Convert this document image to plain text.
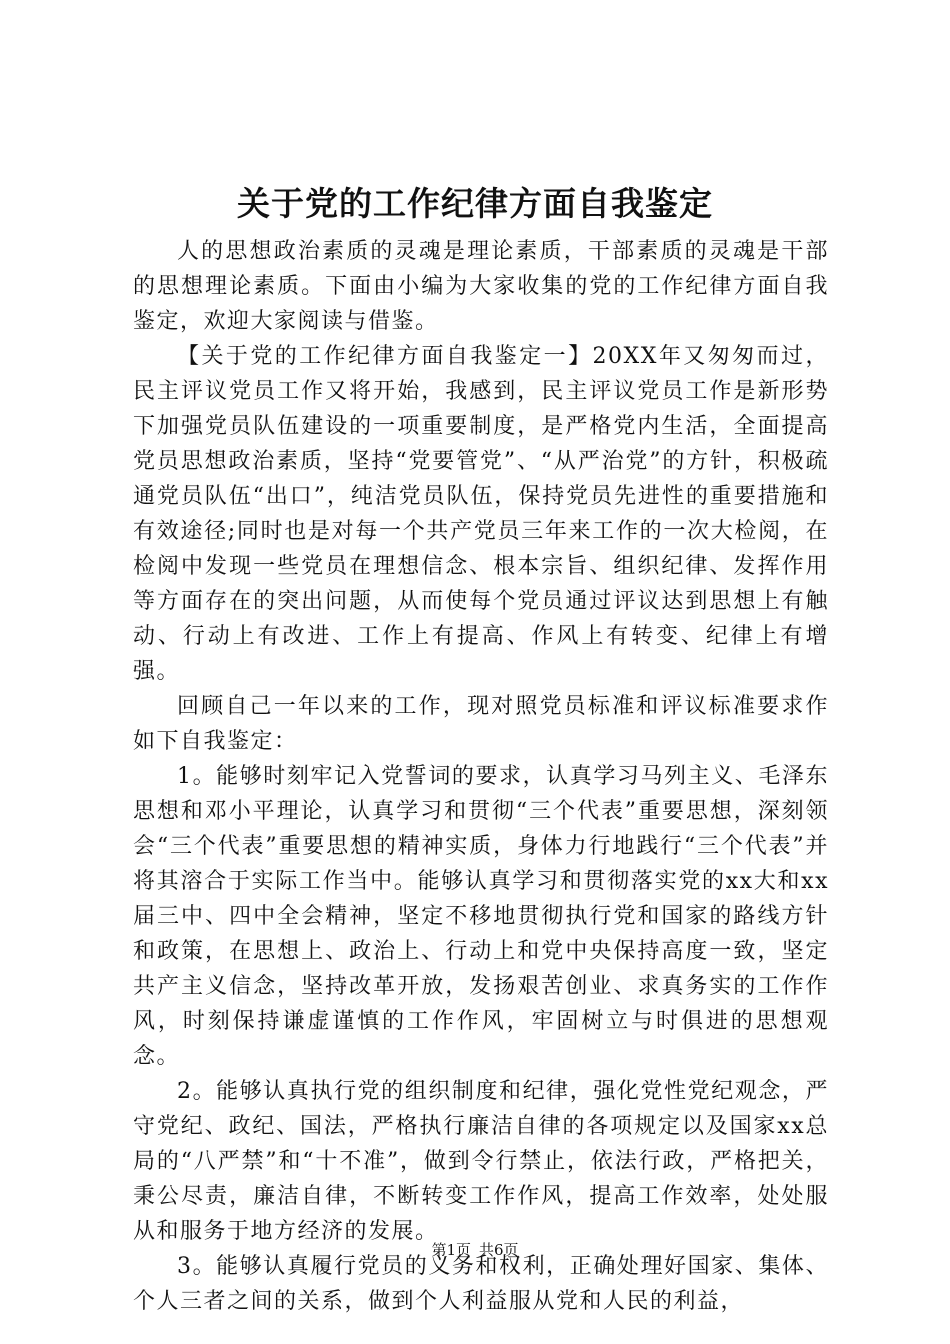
关于党的工作纪律方面自我鉴定

人的思想政治素质的灵魂是理论素质，干部素质的灵魂是干部的思想理论素质。下面由小编为大家收集的党的工作纪律方面自我鉴定，欢迎大家阅读与借鉴。

【关于党的工作纪律方面自我鉴定一】20XX年又匆匆而过，民主评议党员工作又将开始，我感到，民主评议党员工作是新形势下加强党员队伍建设的一项重要制度，是严格党内生活，全面提高党员思想政治素质，坚持“党要管党”、“从严治党”的方针，积极疏通党员队伍“出口”，纯洁党员队伍，保持党员先进性的重要措施和有效途径;同时也是对每一个共产党员三年来工作的一次大检阅，在检阅中发现一些党员在理想信念、根本宗旨、组织纪律、发挥作用等方面存在的突出问题，从而使每个党员通过评议达到思想上有触动、行动上有改进、工作上有提高、作风上有转变、纪律上有增强。

回顾自己一年以来的工作，现对照党员标准和评议标准要求作如下自我鉴定：

1。能够时刻牢记入党誓词的要求，认真学习马列主义、毛泽东思想和邓小平理论，认真学习和贯彻“三个代表”重要思想，深刻领会“三个代表”重要思想的精神实质，身体力行地践行“三个代表”并将其溶合于实际工作当中。能够认真学习和贯彻落实党的xx大和xx届三中、四中全会精神，坚定不移地贯彻执行党和国家的路线方针和政策，在思想上、政治上、行动上和党中央保持高度一致，坚定共产主义信念，坚持改革开放，发扬艰苦创业、求真务实的工作作风，时刻保持谦虚谨慎的工作作风，牢固树立与时俱进的思想观念。

2。能够认真执行党的组织制度和纪律，强化党性党纪观念，严守党纪、政纪、国法，严格执行廉洁自律的各项规定以及国家xx总局的“八严禁”和“十不准”，做到令行禁止，依法行政，严格把关，秉公尽责，廉洁自律，不断转变工作作风，提高工作效率，处处服从和服务于地方经济的发展。

3。能够认真履行党员的义务和权利，正确处理好国家、集体、个人三者之间的关系，做到个人利益服从党和人民的利益，

第1页 共6页
